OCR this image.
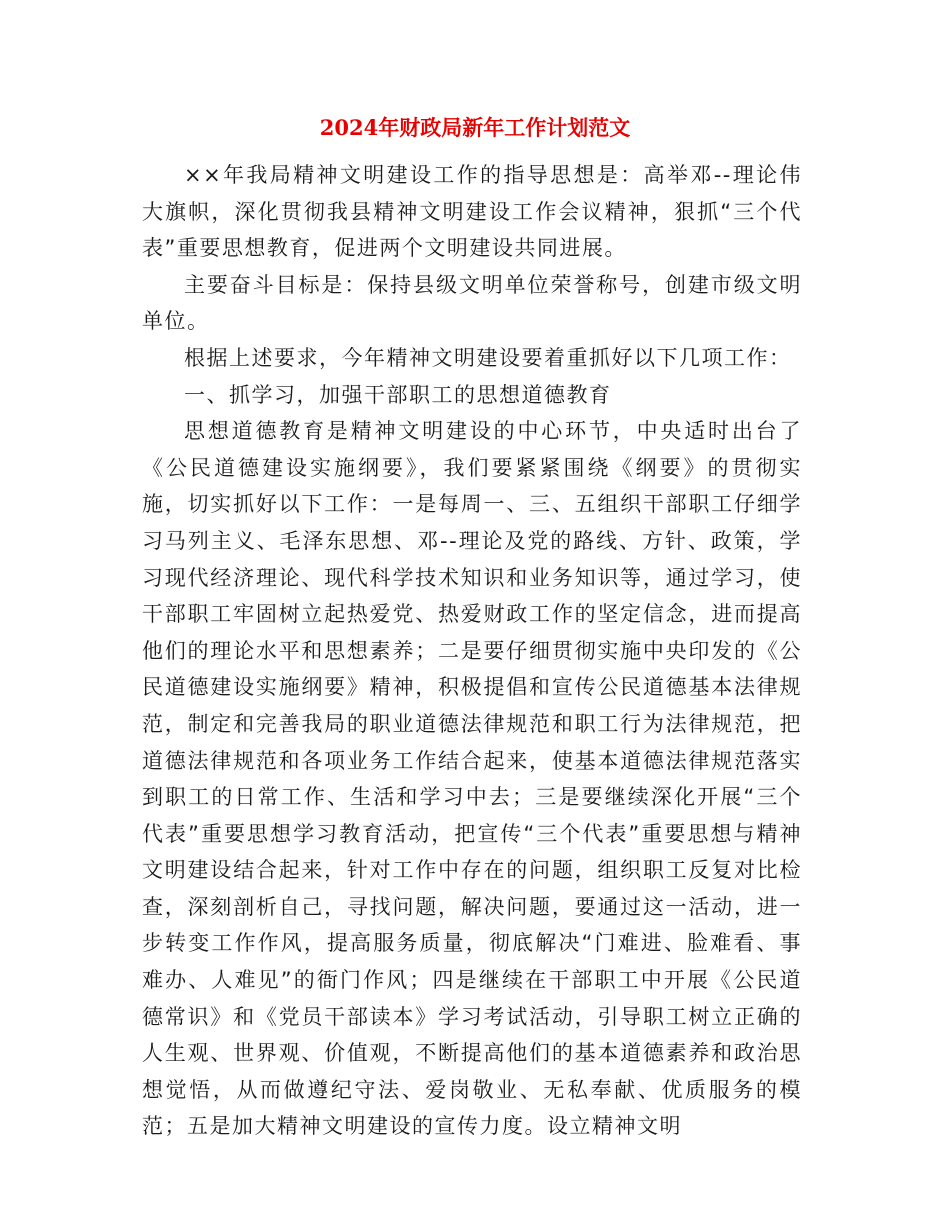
2024年财政局新年工作计划范文

××年我局精神文明建设工作的指导思想是：高举邓--理论伟大旗帜，深化贯彻我县精神文明建设工作会议精神，狠抓“三个代表”重要思想教育，促进两个文明建设共同进展。

主要奋斗目标是：保持县级文明单位荣誉称号，创建市级文明单位。

根据上述要求，今年精神文明建设要着重抓好以下几项工作：

一、抓学习，加强干部职工的思想道德教育

思想道德教育是精神文明建设的中心环节，中央适时出台了《公民道德建设实施纲要》，我们要紧紧围绕《纲要》的贯彻实施，切实抓好以下工作：一是每周一、三、五组织干部职工仔细学习马列主义、毛泽东思想、邓--理论及党的路线、方针、政策，学习现代经济理论、现代科学技术知识和业务知识等，通过学习，使干部职工牢固树立起热爱党、热爱财政工作的坚定信念，进而提高他们的理论水平和思想素养；二是要仔细贯彻实施中央印发的《公民道德建设实施纲要》精神，积极提倡和宣传公民道德基本法律规范，制定和完善我局的职业道德法律规范和职工行为法律规范，把道德法律规范和各项业务工作结合起来，使基本道德法律规范落实到职工的日常工作、生活和学习中去；三是要继续深化开展“三个代表”重要思想学习教育活动，把宣传“三个代表”重要思想与精神文明建设结合起来，针对工作中存在的问题，组织职工反复对比检查，深刻剖析自己，寻找问题，解决问题，要通过这一活动，进一步转变工作作风，提高服务质量，彻底解决“门难进、脸难看、事难办、人难见”的衙门作风；四是继续在干部职工中开展《公民道德常识》和《党员干部读本》学习考试活动，引导职工树立正确的人生观、世界观、价值观，不断提高他们的基本道德素养和政治思想觉悟，从而做遵纪守法、爱岗敬业、无私奉献、优质服务的模范；五是加大精神文明建设的宣传力度。设立精神文明
